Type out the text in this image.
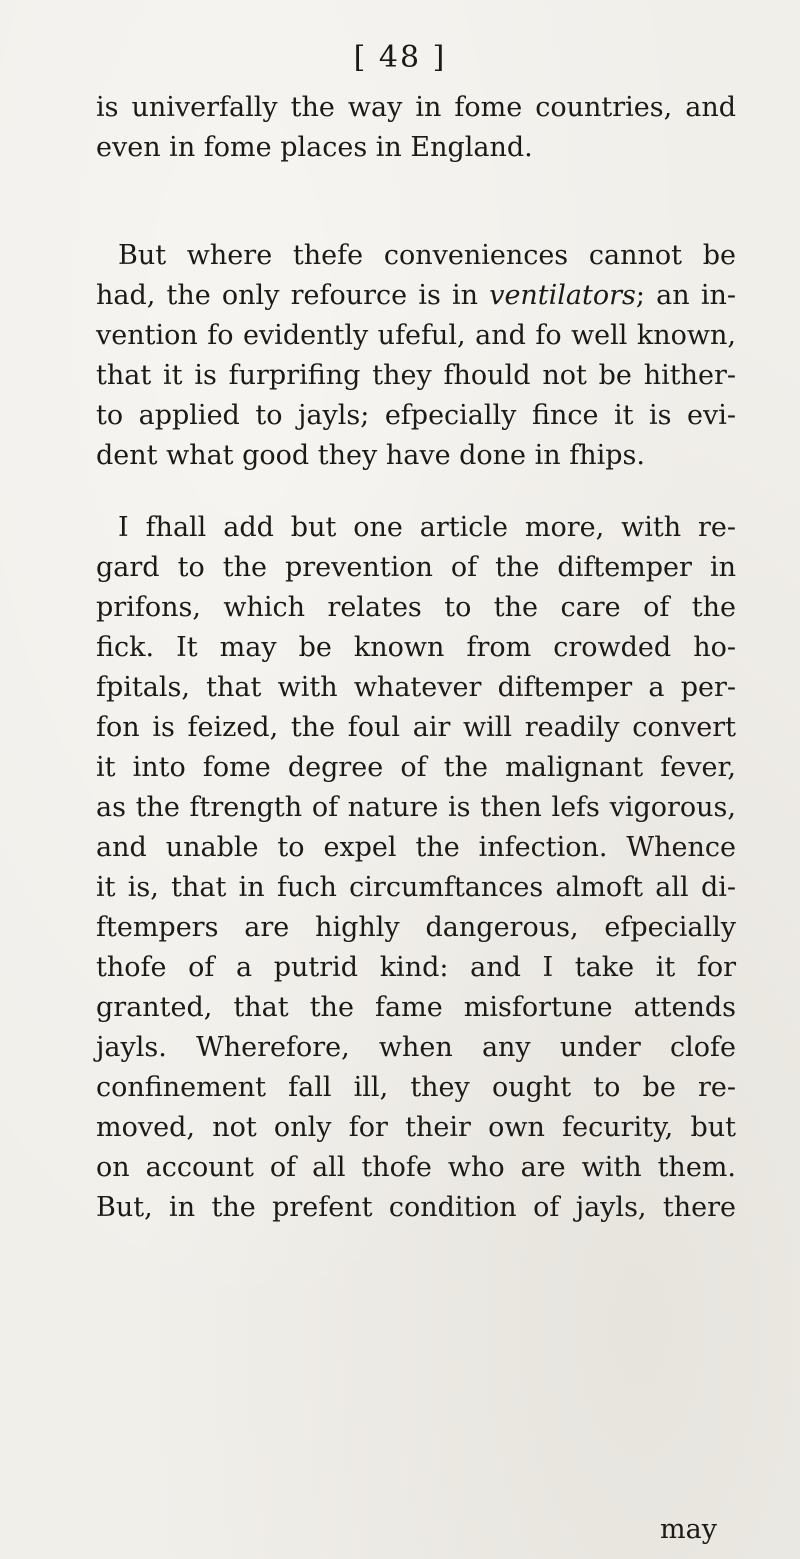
[ 48 ]
is univerfally the way in fome countries, and
even in fome places in England.
But where thefe conveniences cannot be
had, the only refource is in ventilators; an in-
vention fo evidently ufeful, and fo well known,
that it is furprifing they fhould not be hither-
to applied to jayls; efpecially fince it is evi-
dent what good they have done in fhips.
I fhall add but one article more, with re-
gard to the prevention of the diftemper in
prifons, which relates to the care of the
fick. It may be known from crowded ho-
fpitals, that with whatever diftemper a per-
fon is feized, the foul air will readily convert
it into fome degree of the malignant fever,
as the ftrength of nature is then lefs vigorous,
and unable to expel the infection. Whence
it is, that in fuch circumftances almoft all di-
ftempers are highly dangerous, efpecially
thofe of a putrid kind: and I take it for
granted, that the fame misfortune attends
jayls. Wherefore, when any under clofe
confinement fall ill, they ought to be re-
moved, not only for their own fecurity, but
on account of all thofe who are with them.
But, in the prefent condition of jayls, there
may
